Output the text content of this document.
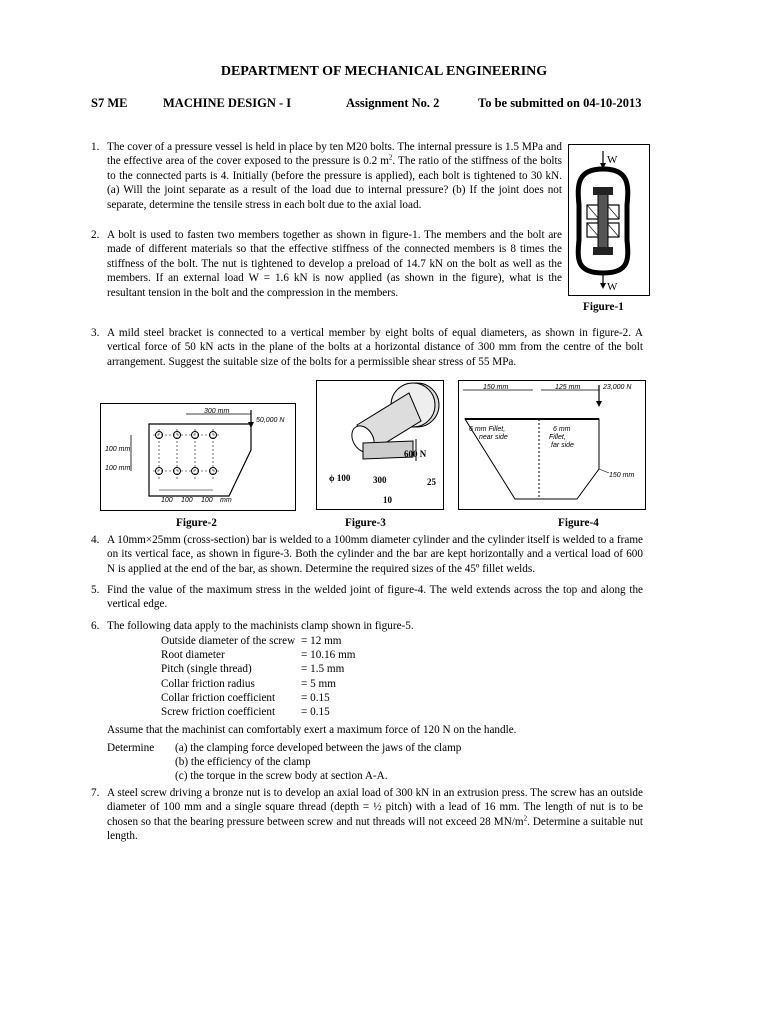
DEPARTMENT OF MECHANICAL ENGINEERING
S7 ME	MACHINE DESIGN - I	Assignment No. 2	To be submitted on 04-10-2013
1. The cover of a pressure vessel is held in place by ten M20 bolts. The internal pressure is 1.5 MPa and the effective area of the cover exposed to the pressure is 0.2 $m^2$. The ratio of the stiffness of the bolts to the connected parts is 4. Initially (before the pressure is applied), each bolt is tightened to 30 kN. (a) Will the joint separate as a result of the load due to internal pressure? (b) If the joint does not separate, determine the tensile stress in each bolt due to the axial load.

2. A bolt is used to fasten two members together as shown in figure-1. The members and the bolt are made of different materials so that the effective stiffness of the connected members is 8 times the stiffness of the bolt. The nut is tightened to develop a preload of 14.7 kN on the bolt as well as the members. If an external load W = 1.6 kN is now applied (as shown in the figure), what is the resultant tension in the bolt and the compression in the members.

W
W
Figure-1
3. A mild steel bracket is connected to a vertical member by eight bolts of equal diameters, as shown in figure-2. A vertical force of 50 kN acts in the plane of the bolts at a horizontal distance of 300 mm from the centre of the bolt arrangement. Suggest the suitable size of the bolts for a permissible shear stress of 55 MPa.

300 mm
50,000 N
100 mm
100 mm
100 100 100 mm
Figure-2
600 N
ϕ 100	300	25
10
Figure-3
150 mm	125 mm	23,000 N
6 mm Fillet,
near side
6 mm
Fillet,
far side
150 mm
Figure-4
4. A 10mm×25mm (cross-section) bar is welded to a 100mm diameter cylinder and the cylinder itself is welded to a frame on its vertical face, as shown in figure-3. Both the cylinder and the bar are kept horizontally and a vertical load of 600 N is applied at the end of the bar, as shown. Determine the required sizes of the 45º fillet welds.

5. Find the value of the maximum stress in the welded joint of figure-4. The weld extends across the top and along the vertical edge.

6. The following data apply to the machinists clamp shown in figure-5.

Outside diameter of the screw = 12 mm
Root diameter	= 10.16 mm
Pitch (single thread)	= 1.5 mm
Collar friction radius	= 5 mm
Collar friction coefficient	= 0.15
Screw friction coefficient	= 0.15

Assume that the machinist can comfortably exert a maximum force of 120 N on the handle.

Determine	(a) the clamping force developed between the jaws of the clamp
(b) the efficiency of the clamp
(c) the torque in the screw body at section A-A.
7. A steel screw driving a bronze nut is to develop an axial load of 300 kN in an extrusion press. The screw has an outside diameter of 100 mm and a single square thread (depth = ½ pitch) with a lead of 16 mm. The length of nut is to be chosen so that the bearing pressure between screw and nut threads will not exceed 28 $MN/m^2$. Determine a suitable nut length.
